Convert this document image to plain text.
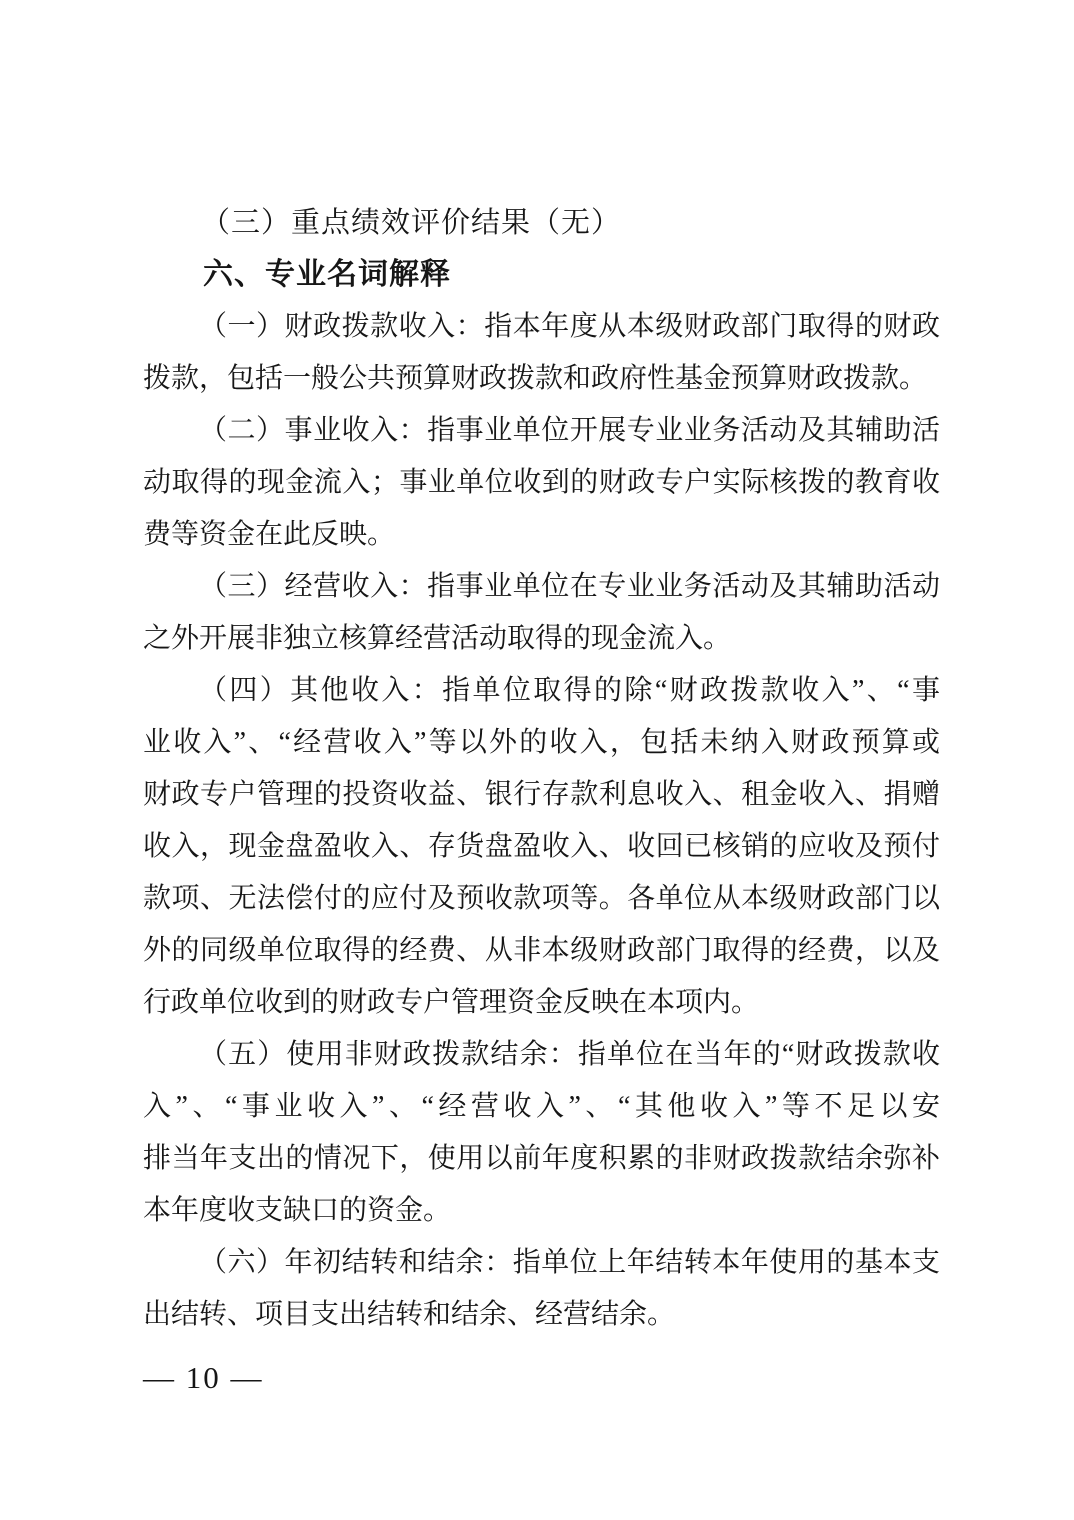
（三）重点绩效评价结果（无）
六、专业名词解释
（一）财政拨款收入：指本年度从本级财政部门取得的财政
拨款，包括一般公共预算财政拨款和政府性基金预算财政拨款。
（二）事业收入：指事业单位开展专业业务活动及其辅助活
动取得的现金流入；事业单位收到的财政专户实际核拨的教育收
费等资金在此反映。
（三）经营收入：指事业单位在专业业务活动及其辅助活动
之外开展非独立核算经营活动取得的现金流入。
（四）其他收入：指单位取得的除“财政拨款收入”、“事
业收入”、“经营收入”等以外的收入，包括未纳入财政预算或
财政专户管理的投资收益、银行存款利息收入、租金收入、捐赠
收入，现金盘盈收入、存货盘盈收入、收回已核销的应收及预付
款项、无法偿付的应付及预收款项等。各单位从本级财政部门以
外的同级单位取得的经费、从非本级财政部门取得的经费，以及
行政单位收到的财政专户管理资金反映在本项内。
（五）使用非财政拨款结余：指单位在当年的“财政拨款收
入”、“事业收入”、“经营收入”、“其他收入”等不足以安
排当年支出的情况下，使用以前年度积累的非财政拨款结余弥补
本年度收支缺口的资金。
（六）年初结转和结余：指单位上年结转本年使用的基本支
出结转、项目支出结转和结余、经营结余。
— 10 —
